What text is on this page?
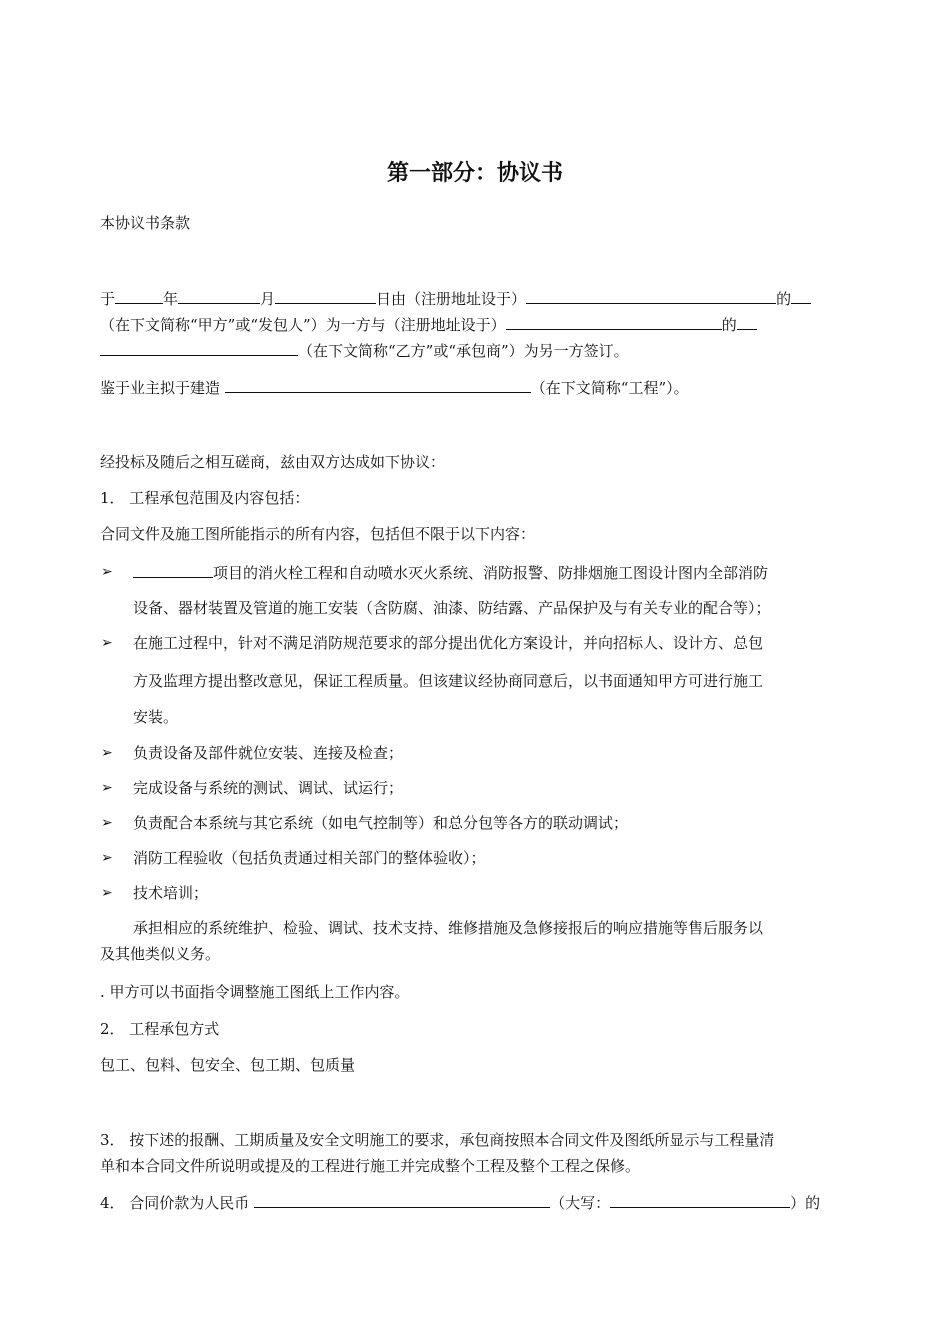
第一部分：协议书
本协议书条款
于	年	月	日由（注册地址设于）	的
（在下文简称“甲方”或“发包人”）为一方与（注册地址设于）	的
（在下文简称“乙方”或“承包商”）为另一方签订。
鉴于业主拟于建造	（在下文简称“工程”）。
经投标及随后之相互磋商，兹由双方达成如下协议：
1． 工程承包范围及内容包括：
合同文件及施工图所能指示的所有内容，包括但不限于以下内容：
➢	项目的消火栓工程和自动喷水灭火系统、消防报警、防排烟施工图设计图内全部消防
设备、器材装置及管道的施工安装（含防腐、油漆、防结露、产品保护及与有关专业的配合等）；
➢ 在施工过程中，针对不满足消防规范要求的部分提出优化方案设计，并向招标人、设计方、总包
方及监理方提出整改意见，保证工程质量。但该建议经协商同意后，以书面通知甲方可进行施工
安装。
➢ 负责设备及部件就位安装、连接及检查；
➢ 完成设备与系统的测试、调试、试运行；
➢ 负责配合本系统与其它系统（如电气控制等）和总分包等各方的联动调试；
➢ 消防工程验收（包括负责通过相关部门的整体验收）；
➢ 技术培训；
承担相应的系统维护、检验、调试、技术支持、维修措施及急修接报后的响应措施等售后服务以
及其他类似义务。
. 甲方可以书面指令调整施工图纸上工作内容。
2． 工程承包方式
包工、包料、包安全、包工期、包质量
3． 按下述的报酬、工期质量及安全文明施工的要求，承包商按照本合同文件及图纸所显示与工程量清
单和本合同文件所说明或提及的工程进行施工并完成整个工程及整个工程之保修。
4． 合同价款为人民币	（大写：	）的
